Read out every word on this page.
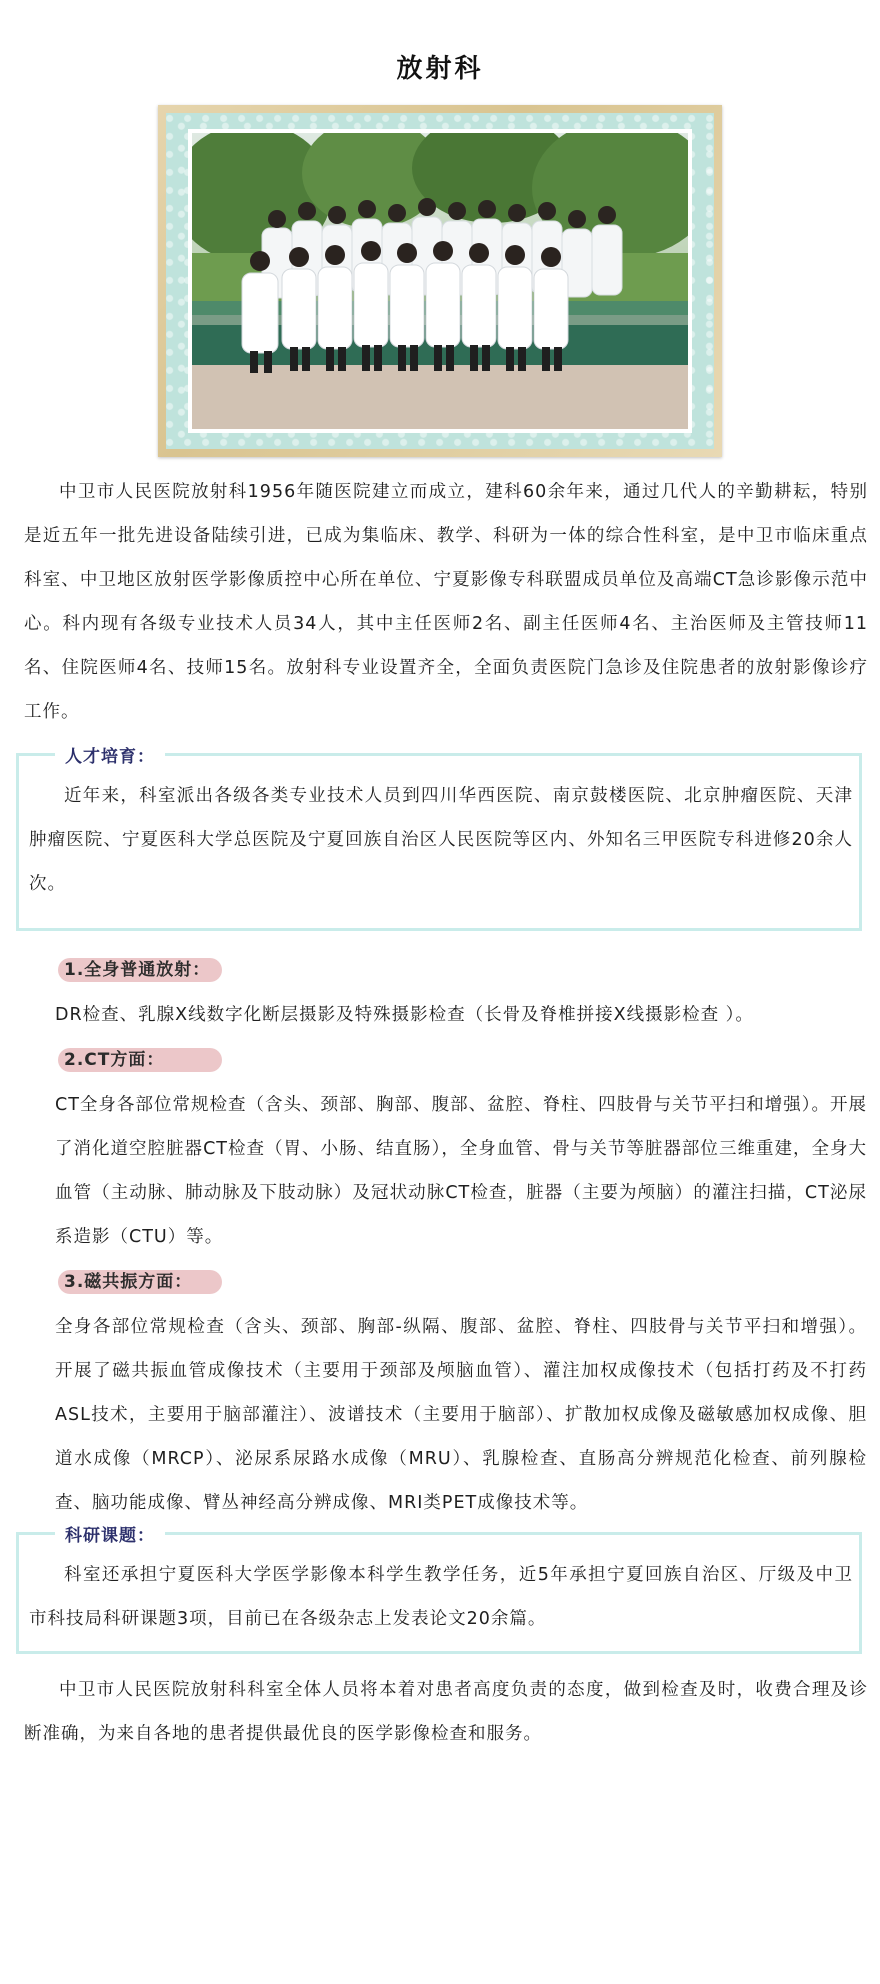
放射科

中卫市人民医院放射科1956年随医院建立而成立，建科60余年来，通过几代人的辛勤耕耘，特别是近五年一批先进设备陆续引进，已成为集临床、教学、科研为一体的综合性科室，是中卫市临床重点科室、中卫地区放射医学影像质控中心所在单位、宁夏影像专科联盟成员单位及高端CT急诊影像示范中心。科内现有各级专业技术人员34人，其中主任医师2名、副主任医师4名、主治医师及主管技师11名、住院医师4名、技师15名。放射科专业设置齐全，全面负责医院门急诊及住院患者的放射影像诊疗工作。

人才培育：

近年来，科室派出各级各类专业技术人员到四川华西医院、南京鼓楼医院、北京肿瘤医院、天津肿瘤医院、宁夏医科大学总医院及宁夏回族自治区人民医院等区内、外知名三甲医院专科进修20余人次。

1.全身普通放射：

DR检查、乳腺X线数字化断层摄影及特殊摄影检查（长骨及脊椎拼接X线摄影检查 ）。

2.CT方面：

CT全身各部位常规检查（含头、颈部、胸部、腹部、盆腔、脊柱、四肢骨与关节平扫和增强）。开展了消化道空腔脏器CT检查（胃、小肠、结直肠），全身血管、骨与关节等脏器部位三维重建，全身大血管（主动脉、肺动脉及下肢动脉）及冠状动脉CT检查，脏器（主要为颅脑）的灌注扫描，CT泌尿系造影（CTU）等。

3.磁共振方面：

全身各部位常规检查（含头、颈部、胸部-纵隔、腹部、盆腔、脊柱、四肢骨与关节平扫和增强）。开展了磁共振血管成像技术（主要用于颈部及颅脑血管）、灌注加权成像技术（包括打药及不打药ASL技术，主要用于脑部灌注）、波谱技术（主要用于脑部）、扩散加权成像及磁敏感加权成像、胆道水成像（MRCP）、泌尿系尿路水成像（MRU）、乳腺检查、直肠高分辨规范化检查、前列腺检查、脑功能成像、臂丛神经高分辨成像、MRI类PET成像技术等。

科研课题：

科室还承担宁夏医科大学医学影像本科学生教学任务，近5年承担宁夏回族自治区、厅级及中卫市科技局科研课题3项，目前已在各级杂志上发表论文20余篇。

中卫市人民医院放射科科室全体人员将本着对患者高度负责的态度，做到检查及时，收费合理及诊断准确，为来自各地的患者提供最优良的医学影像检查和服务。
